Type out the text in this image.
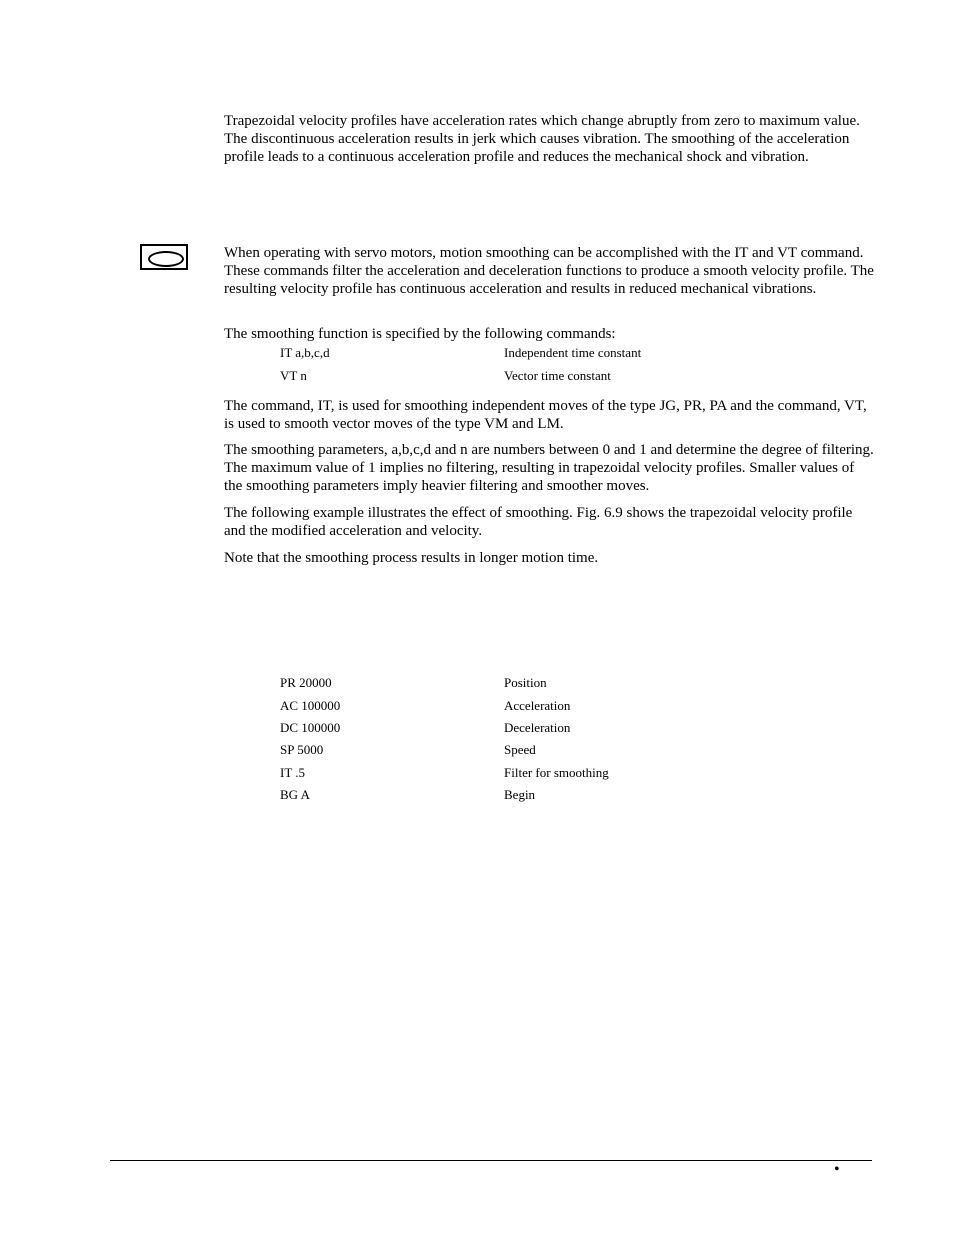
Trapezoidal velocity profiles have acceleration rates which change abruptly from zero to maximum value. The discontinuous acceleration results in jerk which causes vibration. The smoothing of the acceleration profile leads to a continuous acceleration profile and reduces the mechanical shock and vibration.

When operating with servo motors, motion smoothing can be accomplished with the IT and VT command. These commands filter the acceleration and deceleration functions to produce a smooth velocity profile. The resulting velocity profile has continuous acceleration and results in reduced mechanical vibrations.

The smoothing function is specified by the following commands:

IT a,b,c,d	Independent time constant
VT n	Vector time constant

The command, IT, is used for smoothing independent moves of the type JG, PR, PA and the command, VT, is used to smooth vector moves of the type VM and LM.

The smoothing parameters, a,b,c,d and n are numbers between 0 and 1 and determine the degree of filtering. The maximum value of 1 implies no filtering, resulting in trapezoidal velocity profiles. Smaller values of the smoothing parameters imply heavier filtering and smoother moves.

The following example illustrates the effect of smoothing. Fig. 6.9 shows the trapezoidal velocity profile and the modified acceleration and velocity.

Note that the smoothing process results in longer motion time.

PR 20000	Position
AC 100000	Acceleration
DC 100000	Deceleration
SP 5000	Speed
IT .5	Filter for smoothing
BG A	Begin
•
